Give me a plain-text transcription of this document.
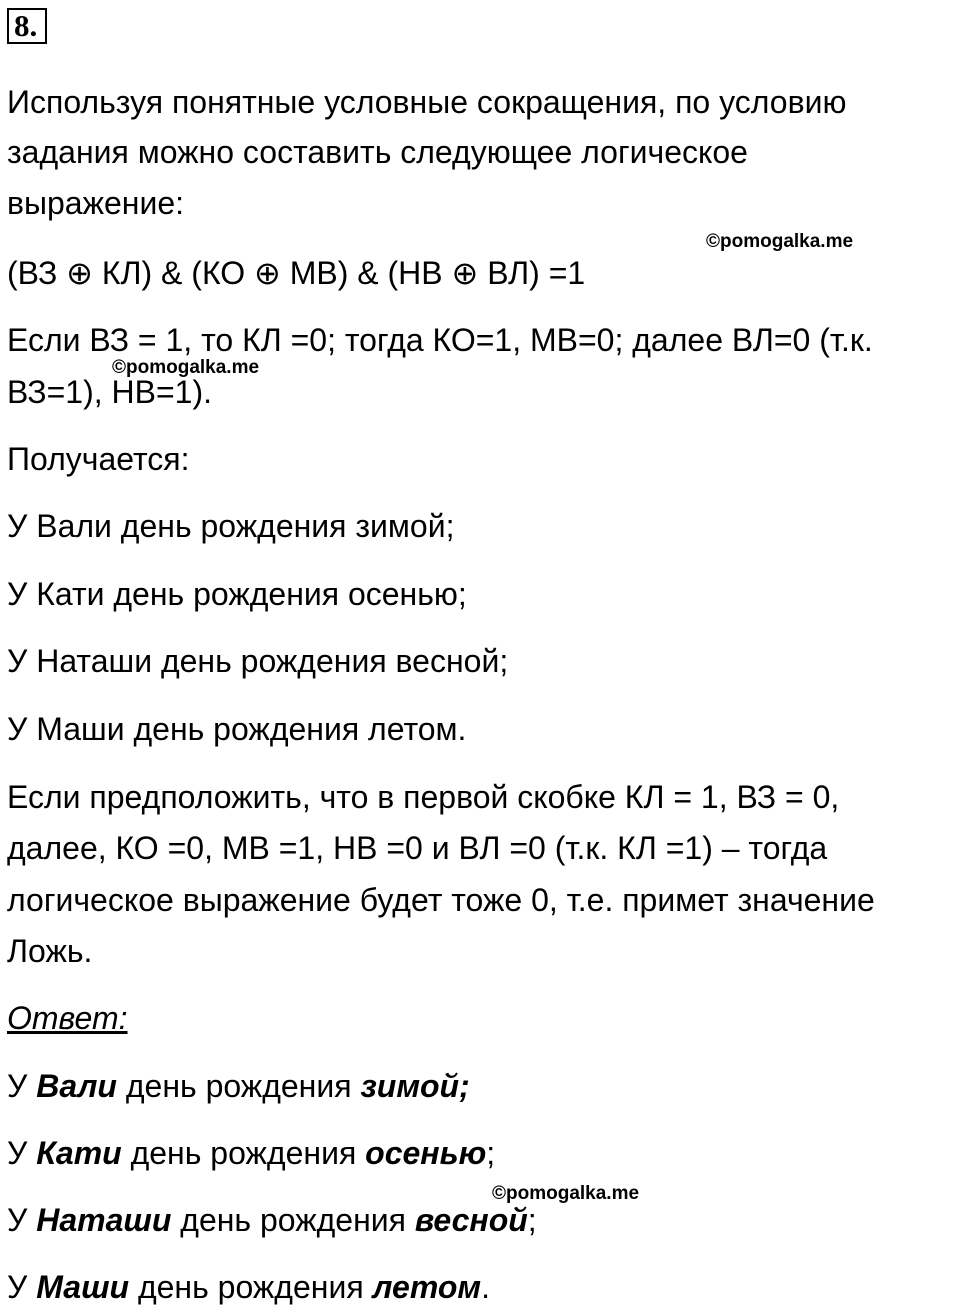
8.
Используя понятные условные сокращения, по условию
задания можно составить следующее логическое
выражение:
©pomogalka.me
(ВЗ ⊕ КЛ) & (КО ⊕ МВ) & (НВ ⊕ ВЛ) =1
Если ВЗ = 1, то КЛ =0; тогда КО=1, МВ=0; далее ВЛ=0 (т.к.
©pomogalka.me
ВЗ=1), НВ=1).
Получается:
У Вали день рождения зимой;
У Кати день рождения осенью;
У Наташи день рождения весной;
У Маши день рождения летом.
Если предположить, что в первой скобке КЛ = 1, ВЗ = 0,
далее, КО =0, МВ =1, НВ =0 и ВЛ =0 (т.к. КЛ =1) – тогда
логическое выражение будет тоже 0, т.е. примет значение
Ложь.
Ответ:
У Вали день рождения зимой;
У Кати день рождения осенью;
©pomogalka.me
У Наташи день рождения весной;
У Маши день рождения летом.
